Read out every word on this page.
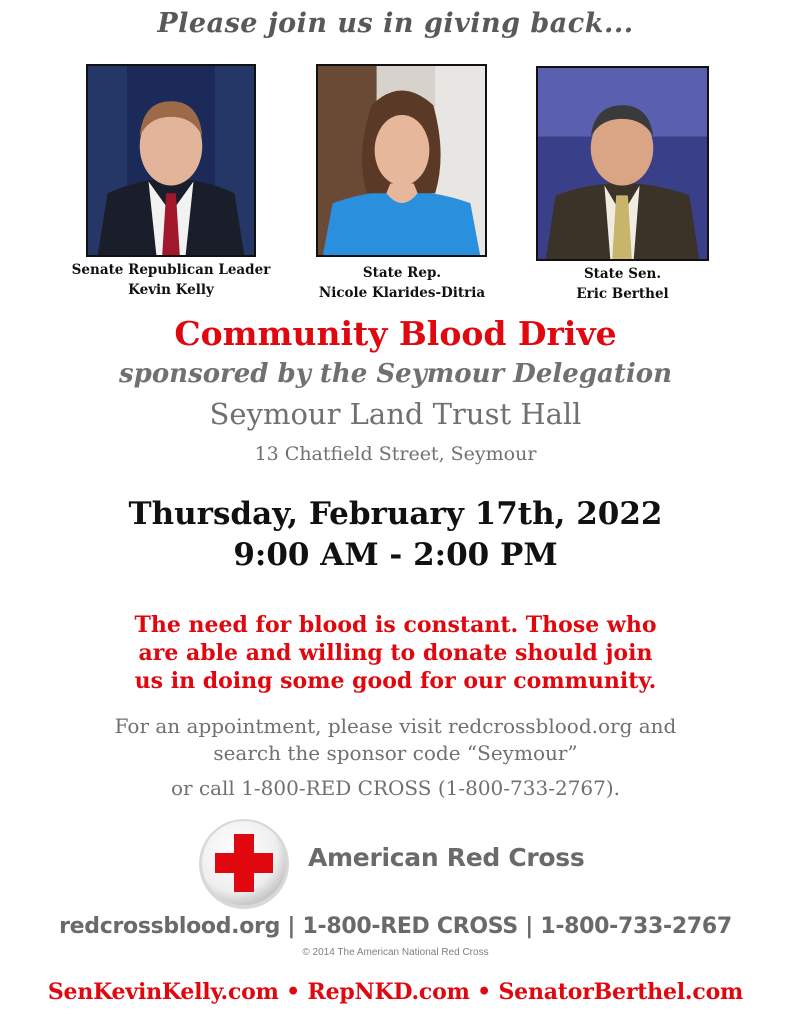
Please join us in giving back...
Senate Republican Leader
Kevin Kelly
State Rep.
Nicole Klarides-Ditria
State Sen.
Eric Berthel
Community Blood Drive
sponsored by the Seymour Delegation
Seymour Land Trust Hall
13 Chatfield Street, Seymour
Thursday, February 17th, 2022
9:00 AM - 2:00 PM
The need for blood is constant. Those who
are able and willing to donate should join
us in doing some good for our community.
For an appointment, please visit redcrossblood.org and
search the sponsor code “Seymour”
or call 1-800-RED CROSS (1-800-733-2767).
American Red Cross
redcrossblood.org | 1-800-RED CROSS | 1-800-733-2767
© 2014 The American National Red Cross
SenKevinKelly.com • RepNKD.com • SenatorBerthel.com
